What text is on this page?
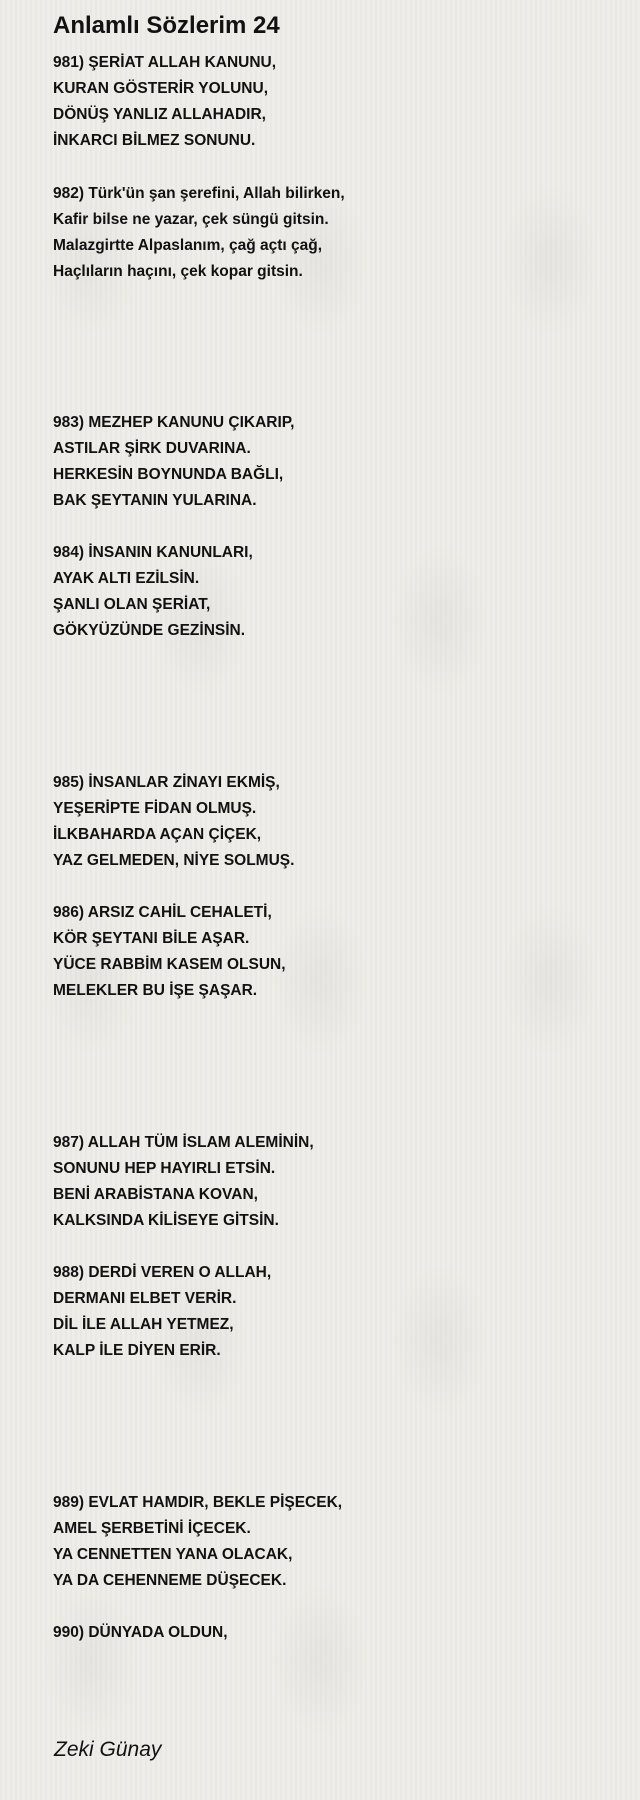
Anlamlı Sözlerim 24
981) ŞERİAT ALLAH KANUNU,
KURAN GÖSTERİR YOLUNU,
DÖNÜŞ YANLIZ ALLAHADIR,
İNKARCI BİLMEZ SONUNU.
982) Türk'ün şan şerefini, Allah bilirken,
Kafir bilse ne yazar, çek süngü gitsin.
Malazgirtte Alpaslanım, çağ açtı çağ,
Haçlıların haçını, çek kopar gitsin.
983) MEZHEP KANUNU ÇIKARIP,
ASTILAR ŞİRK DUVARINA.
HERKESİN BOYNUNDA BAĞLI,
BAK ŞEYTANIN YULARINA.
984) İNSANIN KANUNLARI,
AYAK ALTI EZİLSİN.
ŞANLI OLAN ŞERİAT,
GÖKYÜZÜNDE GEZİNSİN.
985) İNSANLAR ZİNAYI EKMİŞ,
YEŞERİPTE FİDAN OLMUŞ.
İLKBAHARDA AÇAN ÇİÇEK,
YAZ GELMEDEN, NİYE SOLMUŞ.
986) ARSIZ CAHİL CEHALETİ,
KÖR ŞEYTANI BİLE AŞAR.
YÜCE RABBİM KASEM OLSUN,
MELEKLER BU İŞE ŞAŞAR.
987) ALLAH TÜM İSLAM ALEMİNİN,
SONUNU HEP HAYIRLI ETSİN.
BENİ ARABİSTANA KOVAN,
KALKSINDA KİLİSEYE GİTSİN.
988) DERDİ VEREN O ALLAH,
DERMANI ELBET VERİR.
DİL İLE ALLAH YETMEZ,
KALP İLE DİYEN ERİR.
989) EVLAT HAMDIR, BEKLE PİŞECEK,
AMEL ŞERBETİNİ İÇECEK.
YA CENNETTEN YANA OLACAK,
YA DA CEHENNEME DÜŞECEK.
990) DÜNYADA OLDUN,
Zeki Günay
